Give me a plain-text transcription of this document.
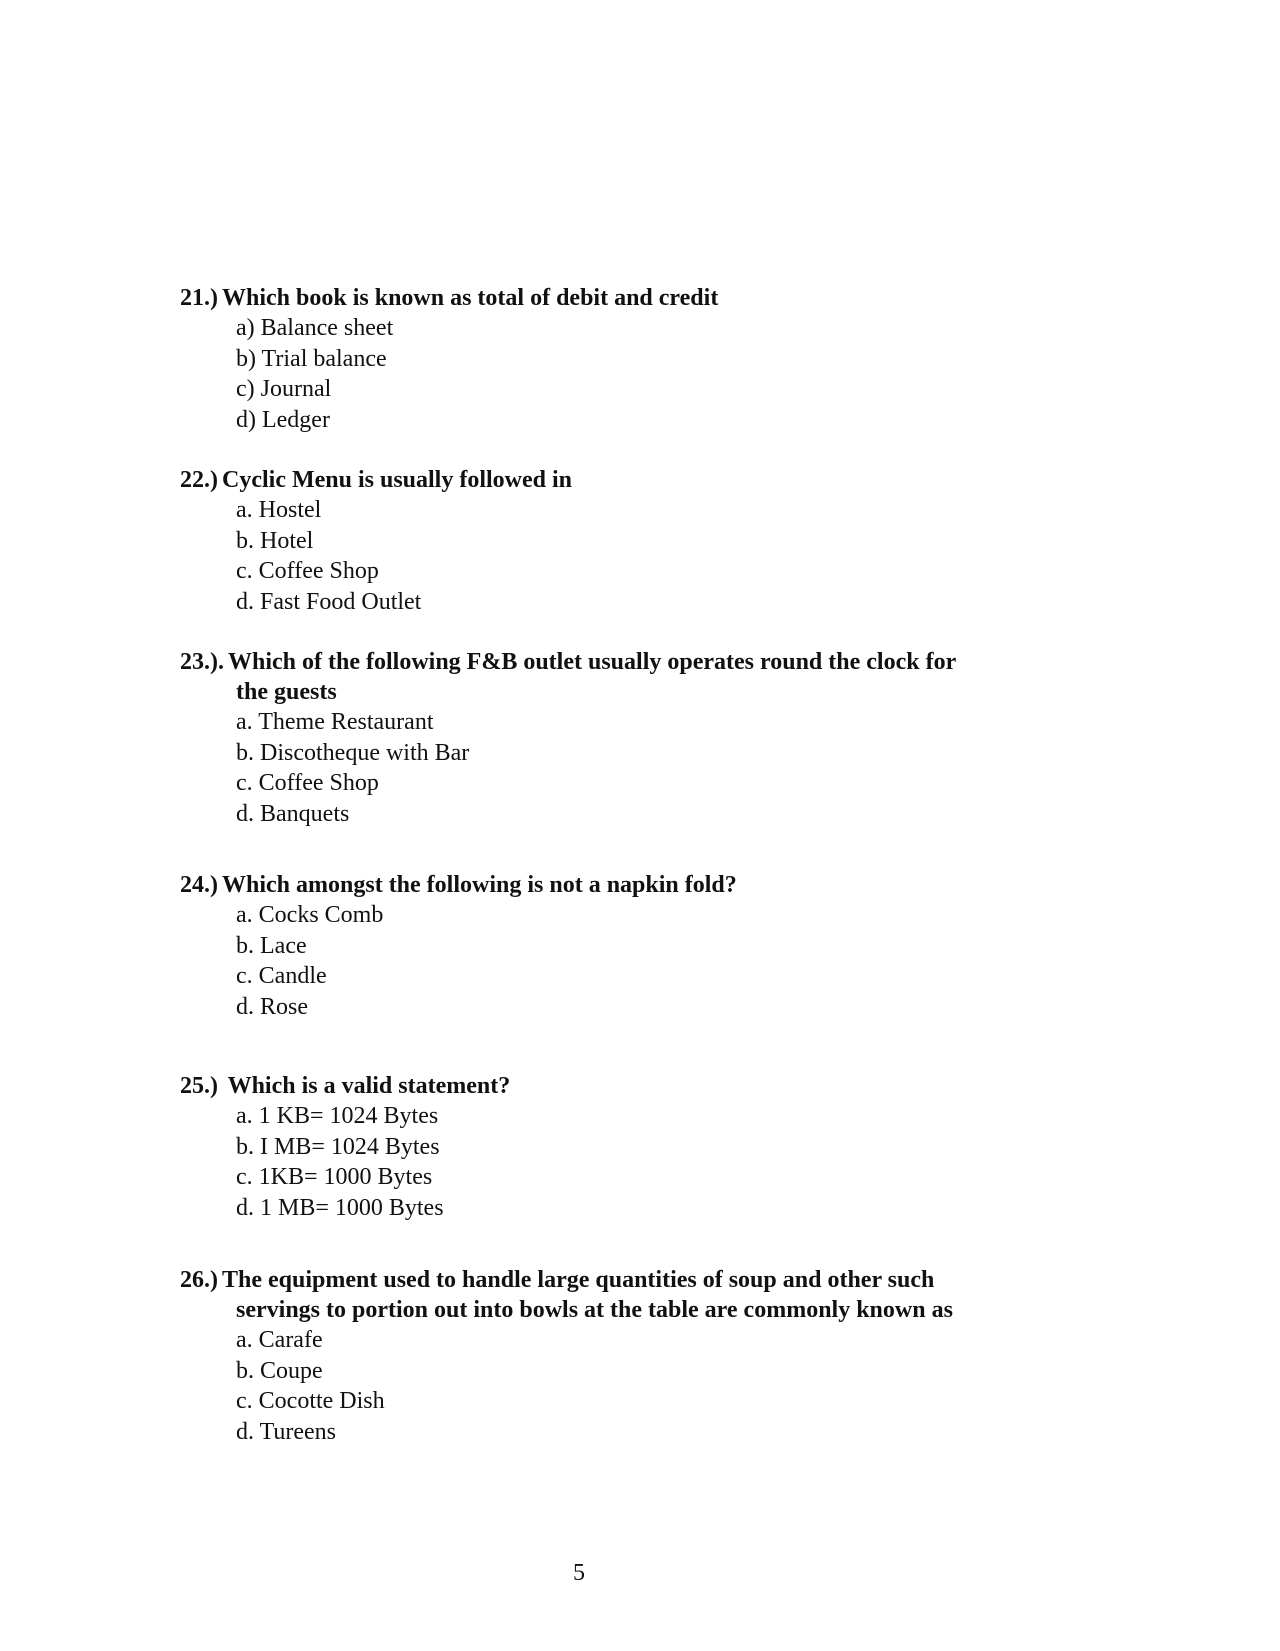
21.) Which book is known as total of debit and credit
a) Balance sheet
b) Trial balance
c) Journal
d) Ledger
22.) Cyclic Menu is usually followed in
a. Hostel
b. Hotel
c. Coffee Shop
d. Fast Food Outlet
23.). Which of the following F&B outlet usually operates round the clock for
the guests
a. Theme Restaurant
b. Discotheque with Bar
c. Coffee Shop
d. Banquets
24.) Which amongst the following is not a napkin fold?
a. Cocks Comb
b. Lace
c. Candle
d. Rose
25.) Which is a valid statement?
a. 1 KB= 1024 Bytes
b. I MB= 1024 Bytes
c. 1KB= 1000 Bytes
d. 1 MB= 1000 Bytes
26.) The equipment used to handle large quantities of soup and other such
servings to portion out into bowls at the table are commonly known as
a. Carafe
b. Coupe
c. Cocotte Dish
d. Tureens
5
